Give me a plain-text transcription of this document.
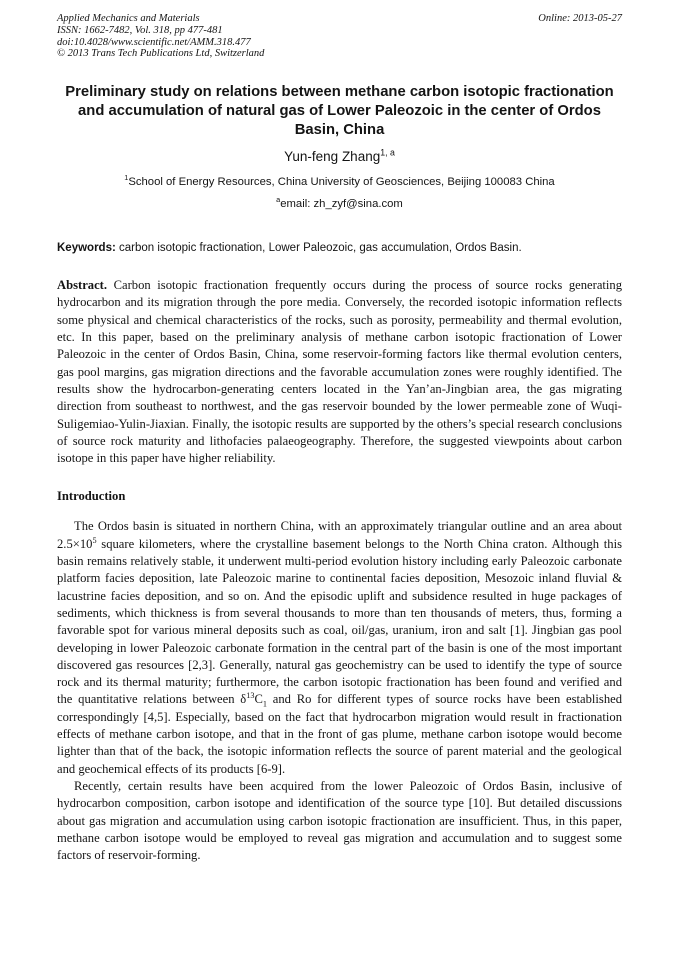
Applied Mechanics and Materials
ISSN: 1662-7482, Vol. 318, pp 477-481
doi:10.4028/www.scientific.net/AMM.318.477
© 2013 Trans Tech Publications Ltd, Switzerland
Online: 2013-05-27
Preliminary study on relations between methane carbon isotopic fractionation and accumulation of natural gas of Lower Paleozoic in the center of Ordos Basin, China
Yun-feng Zhang$^{1, a}$
$^1$School of Energy Resources, China University of Geosciences, Beijing 100083 China
$^a$email: zh_zyf@sina.com

Keywords: carbon isotopic fractionation, Lower Paleozoic, gas accumulation, Ordos Basin.

Abstract. Carbon isotopic fractionation frequently occurs during the process of source rocks generating hydrocarbon and its migration through the pore media. Conversely, the recorded isotopic information reflects some physical and chemical characteristics of the rocks, such as porosity, permeability and thermal evolution, etc. In this paper, based on the preliminary analysis of methane carbon isotopic fractionation of Lower Paleozoic in the center of Ordos Basin, China, some reservoir-forming factors like thermal evolution centers, gas pool margins, gas migration directions and the favorable accumulation zones were roughly identified. The results show the hydrocarbon-generating centers located in the Yan’an-Jingbian area, the gas migrating direction from southeast to northwest, and the gas reservoir bounded by the lower permeable zone of Wuqi-Suligemiao-Yulin-Jiaxian. Finally, the isotopic results are supported by the others’s special research conclusions of source rock maturity and lithofacies palaeogeography. Therefore, the suggested viewpoints about carbon isotope in this paper have higher reliability.

Introduction

The Ordos basin is situated in northern China, with an approximately triangular outline and an area about $2.5\times 10^5$ square kilometers, where the crystalline basement belongs to the North China craton. Although this basin remains relatively stable, it underwent multi-period evolution history including early Paleozoic carbonate platform facies deposition, late Paleozoic marine to continental facies deposition, Mesozoic inland fluvial & lacustrine facies deposition, and so on. And the episodic uplift and subsidence resulted in huge packages of sediments, which thickness is from several thousands to more than ten thousands of meters, thus, forming a favorable spot for various mineral deposits such as coal, oil/gas, uranium, iron and salt [1]. Jingbian gas pool developing in lower Paleozoic carbonate formation in the central part of the basin is one of the most important discovered gas resources [2,3]. Generally, natural gas geochemistry can be used to identify the type of source rock and its thermal maturity; furthermore, the carbon isotopic fractionation has been found and verified and the quantitative relations between $\delta^{13}C_1$ and Ro for different types of source rocks have been established correspondingly [4,5]. Especially, based on the fact that hydrocarbon migration would result in fractionation effects of methane carbon isotope, and that in the front of gas plume, methane carbon isotope would become lighter than that of the back, the isotopic information reflects the source of parent material and the geological and geochemical effects of its products [6-9].

Recently, certain results have been acquired from the lower Paleozoic of Ordos Basin, inclusive of hydrocarbon composition, carbon isotope and identification of the source type [10]. But detailed discussions about gas migration and accumulation using carbon isotopic fractionation are insufficient. Thus, in this paper, methane carbon isotope would be employed to reveal gas migration and accumulation and to suggest some factors of reservoir-forming.
